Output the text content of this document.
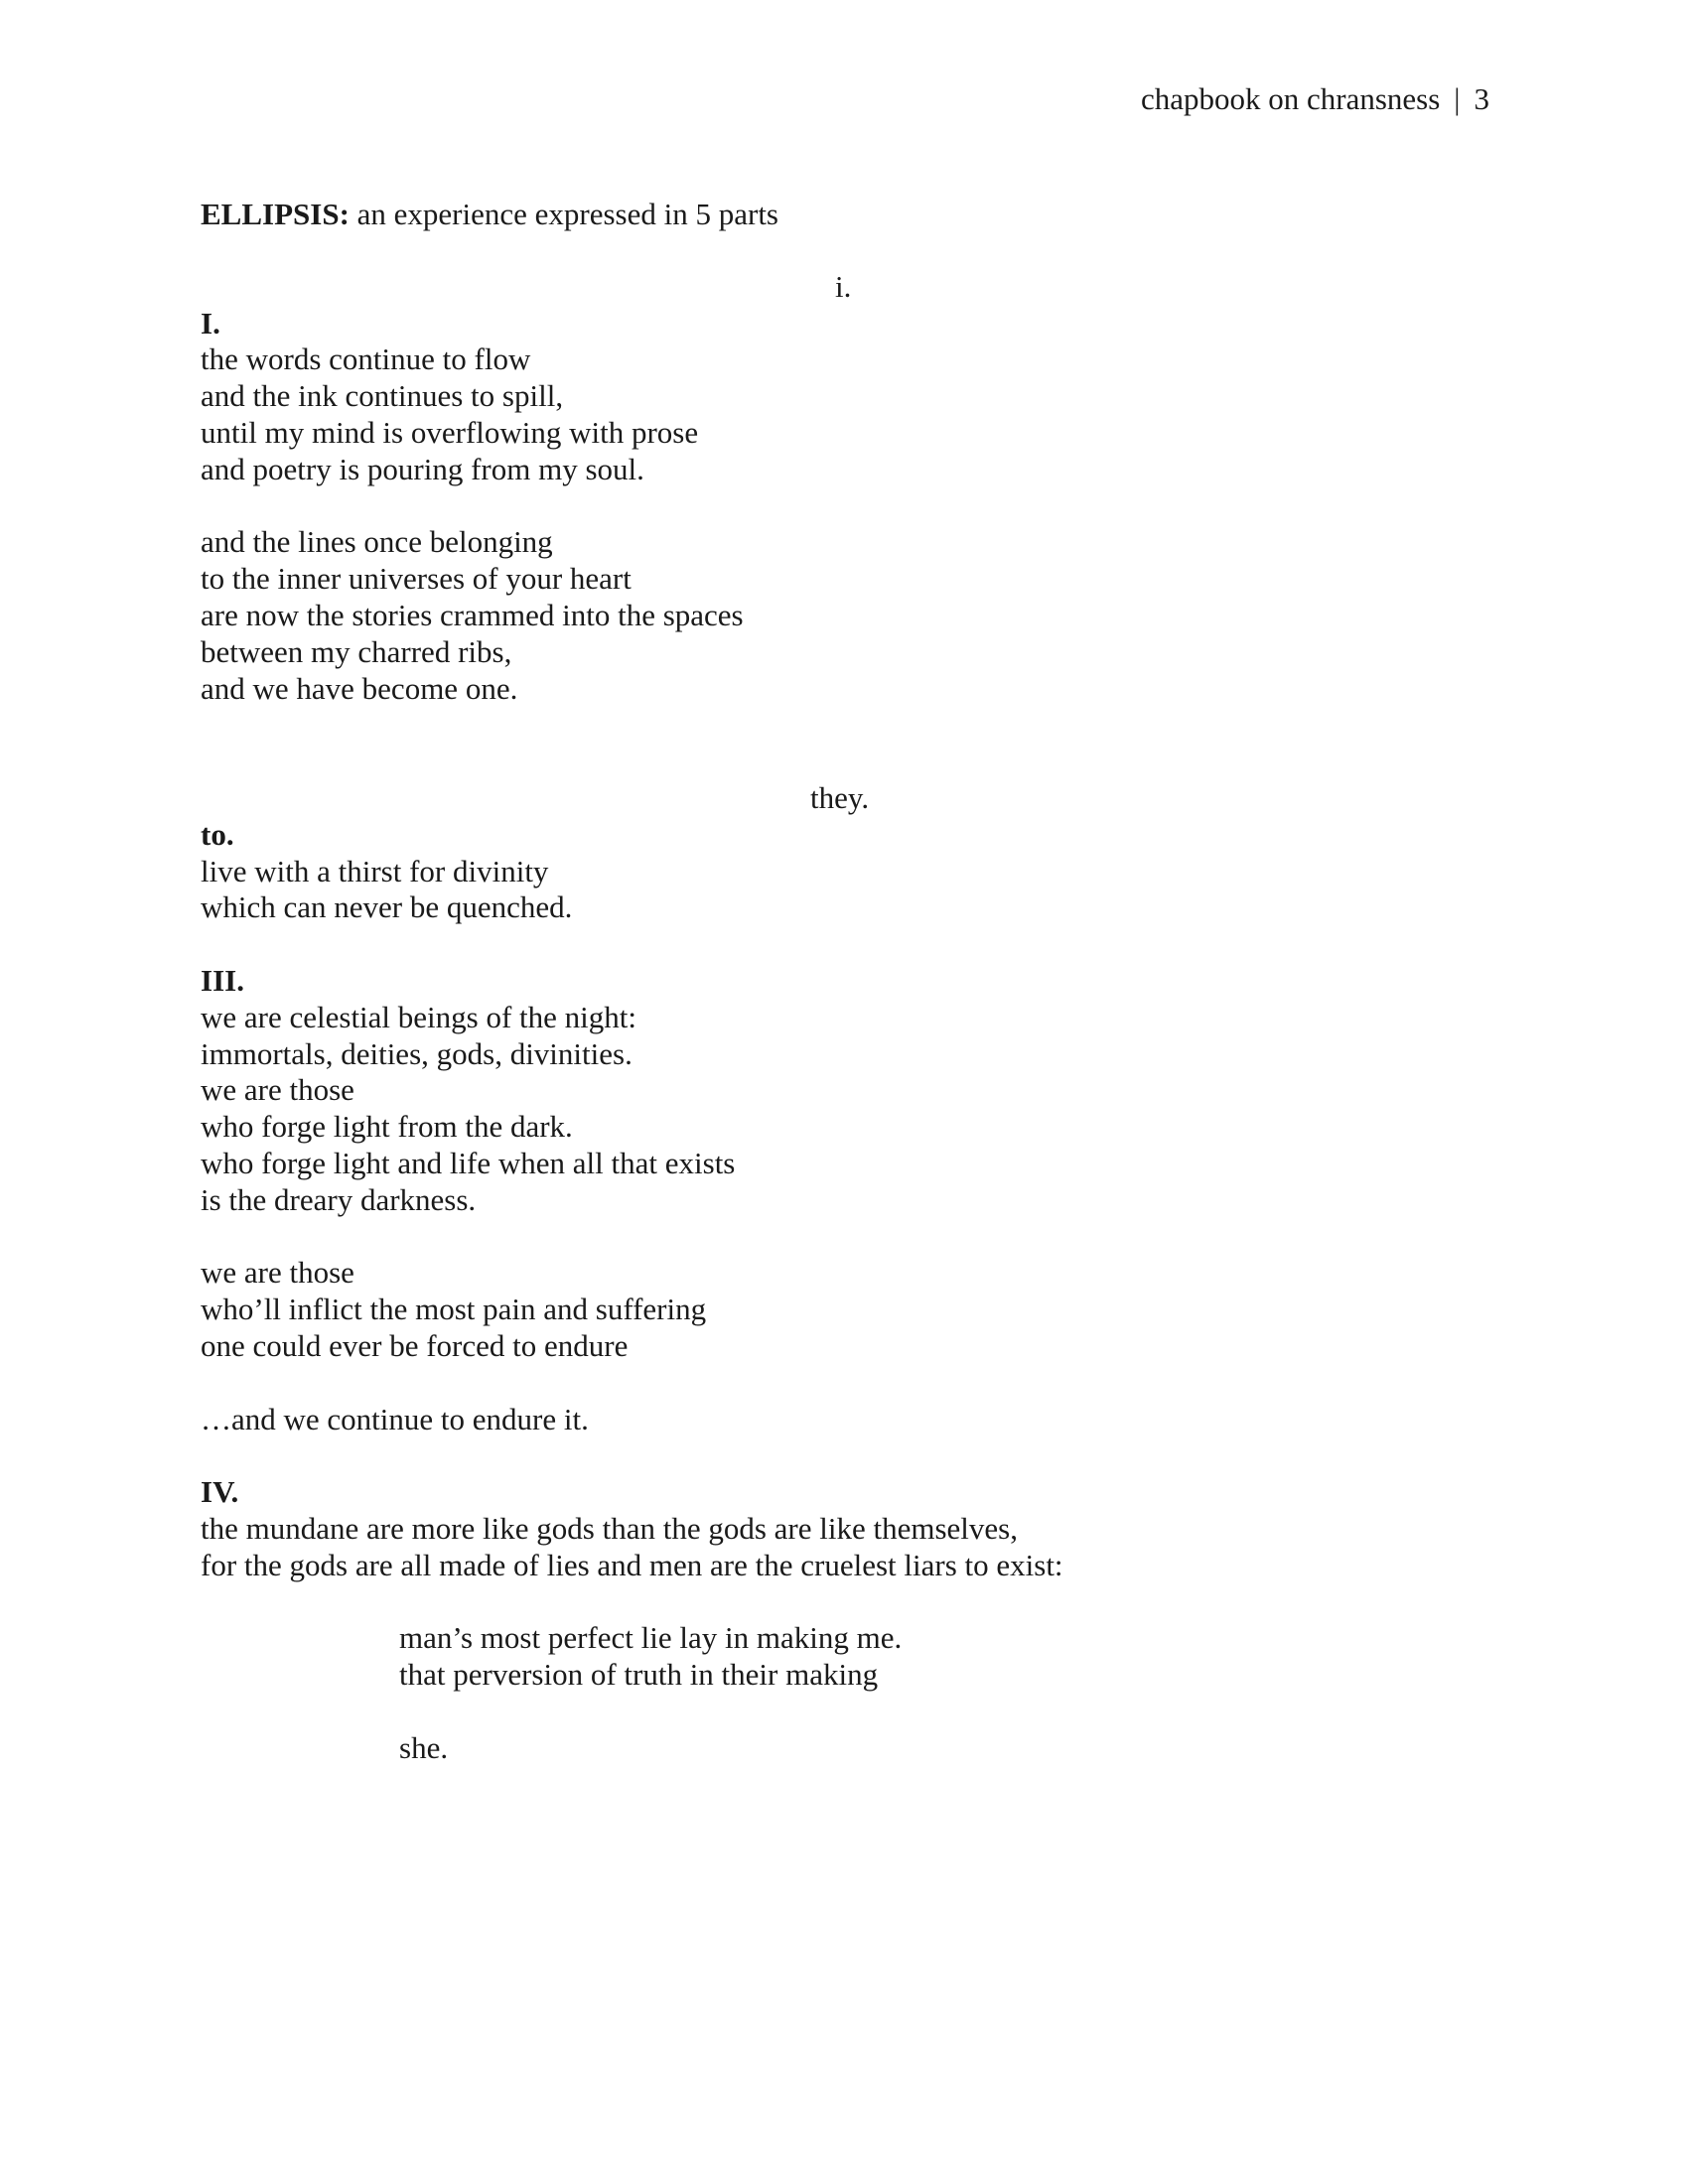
chapbook on chransness | 3
ELLIPSIS: an experience expressed in 5 parts
i.
I.
the words continue to flow
and the ink continues to spill,
until my mind is overflowing with prose
and poetry is pouring from my soul.
and the lines once belonging
to the inner universes of your heart
are now the stories crammed into the spaces
between my charred ribs,
and we have become one.
they.
to.
live with a thirst for divinity
which can never be quenched.
III.
we are celestial beings of the night:
immortals, deities, gods, divinities.
we are those
who forge light from the dark.
who forge light and life when all that exists
is the dreary darkness.
we are those
who’ll inflict the most pain and suffering
one could ever be forced to endure
…and we continue to endure it.
IV.
the mundane are more like gods than the gods are like themselves,
for the gods are all made of lies and men are the cruelest liars to exist:
man’s most perfect lie lay in making me.
that perversion of truth in their making
she.
